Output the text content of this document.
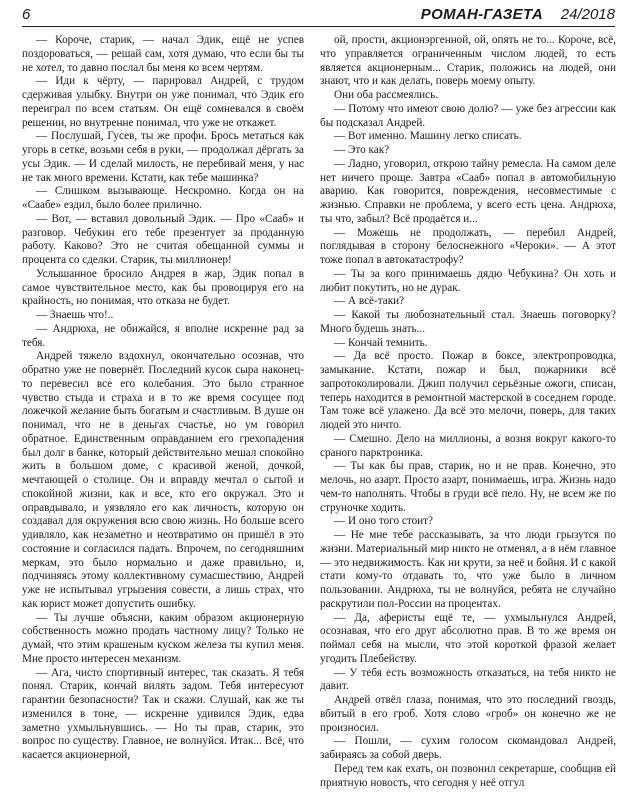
6	РОМАН-ГАЗЕТА 24/2018

— Короче, старик, — начал Эдик, ещё не успев поздороваться, — решай сам, хотя думаю, что если бы ты не хотел, то давно послал бы меня ко всем чертям.

— Иди к чёрту, — парировал Андрей, с трудом сдерживая улыбку. Внутри он уже понимал, что Эдик его переиграл по всем статьям. Он ещё сомневался в своём решении, но внутренне понимал, что уже не откажет.

— Послушай, Гусев, ты же профи. Брось метаться как угорь в сетке, возьми себя в руки, — продолжал дёргать за усы Эдик. — И сделай милость, не перебивай меня, у нас не так много времени. Кстати, как тебе машинка?

— Слишком вызывающе. Нескромно. Когда он на «Саабе» ездил, было более прилично.

— Вот, — вставил довольный Эдик. — Про «Сааб» и разговор. Чебукин его тебе презентует за проданную работу. Каково? Это не считая обещанной суммы и процента со сделки. Старик, ты миллионер!

Услышанное бросило Андрея в жар, Эдик попал в самое чувствительное место, как бы провоцируя его на крайность, но понимая, что отказа не будет.

— Знаешь что!..

— Андрюха, не обижайся, я вполне искренне рад за тебя.

Андрей тяжело вздохнул, окончательно осознав, что обратно уже не повернёт. Последний кусок сыра наконец-то перевесил все его колебания. Это было странное чувство стыда и страха и в то же время сосущее под ложечкой желание быть богатым и счастливым. В душе он понимал, что не в деньгах счастье, но ум говорил обратное. Единственным оправданием его грехопадения был долг в банке, который действительно мешал спокойно жить в большом доме, с красивой женой, дочкой, мечтающей о столице. Он и вправду мечтал о сытой и спокойной жизни, как и все, кто его окружал. Это и оправдывало, и уязвляло его как личность, которую он создавал для окружения всю свою жизнь. Но больше всего удивляло, как незаметно и неотвратимо он пришёл в это состояние и согласился падать. Впрочем, по сегодняшним меркам, это было нормально и даже правильно, и, подчиняясь этому коллективному сумасшествию, Андрей уже не испытывал угрызения совести, а лишь страх, что как юрист может допустить ошибку.

— Ты лучше объясни, каким образом акционерную собственность можно продать частному лицу? Только не думай, что этим крашеным куском железа ты купил меня. Мне просто интересен механизм.

— Ага, чисто спортивный интерес, так сказать. Я тебя понял. Старик, кончай вилять задом. Тебя интересуют гарантии безопасности? Так и скажи. Слушай, как же ты изменился в тоне, — искренне удивился Эдик, едва заметно ухмыльнувшись. — Но ты прав, старик, это вопрос по существу. Главное, не волнуйся. Итак... Всё, что касается акционерной,

ой, прости, акционэргенной, ой, опять не то... Короче, всё, что управляется ограниченным числом людей, то есть является акционерным... Старик, положись на людей, они знают, что и как делать, поверь моему опыту.

Они оба рассмеялись.

— Потому что имеют свою долю? — уже без агрессии как бы подсказал Андрей.

— Вот именно. Машину легко списать.

— Это как?

— Ладно, уговорил, открою тайну ремесла. На самом деле нет ничего проще. Завтра «Сааб» попал в автомобильную аварию. Как говорится, повреждения, несовместимые с жизнью. Справки не проблема, у всего есть цена. Андрюха, ты что, забыл? Всё продаётся и...

— Можешь не продолжать, — перебил Андрей, поглядывая в сторону белоснежного «Чероки». — А этот тоже попал в автокатастрофу?

— Ты за кого принимаешь дядю Чебукина? Он хоть и любит покутить, но не дурак.

— А всё-таки?

— Какой ты любознательный стал. Знаешь поговорку? Много будешь знать...

— Кончай темнить.

— Да всё просто. Пожар в боксе, электропроводка, замыкание. Кстати, пожар и был, пожарники всё запротоколировали. Джип получил серьёзные ожоги, списан, теперь находится в ремонтной мастерской в соседнем городе. Там тоже всё улажено. Да всё это мелочи, поверь, для таких людей это ничто.

— Смешно. Дело на миллионы, а возня вокруг какого-то сраного парктроника.

— Ты как бы прав, старик, но и не прав. Конечно, это мелочь, но азарт. Просто азарт, понимаешь, игра. Жизнь надо чем-то наполнять. Чтобы в груди всё пело. Ну, не всем же по струночке ходить.

— И оно того стоит?

— Не мне тебе рассказывать, за что люди грызутся по жизни. Материальный мир никто не отменял, а в нём главное — это недвижимость. Как ни крути, за неё и бойня. И с какой стати кому-то отдавать то, что уже было в личном пользовании. Андрюха, ты не волнуйся, ребята не случайно раскрутили пол-России на процентах.

— Да, аферисты ещё те, — ухмыльнулся Андрей, осознавая, что его друг абсолютно прав. В то же время он поймал себя на мысли, что этой короткой фразой желает угодить Плебейству.

— У тебя есть возможность отказаться, на тебя никто не давит.

Андрей отвёл глаза, понимая, что это последний гвоздь, вбитый в его гроб. Хотя слово «гроб» он конечно же не произносил.

— Пошли, — сухим голосом скомандовал Андрей, забираясь за собой дверь.

Перед тем как ехать, он позвонил секретарше, сообщив ей приятную новость, что сегодня у неё отгул
